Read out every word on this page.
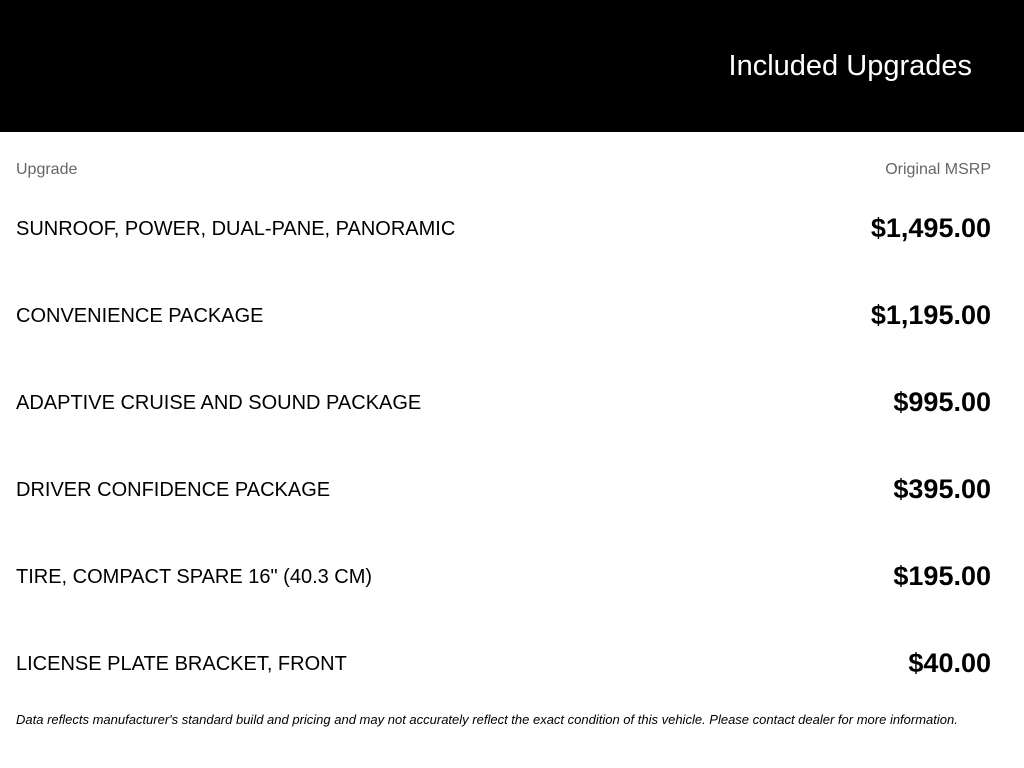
Included Upgrades
Upgrade	Original MSRP
SUNROOF, POWER, DUAL-PANE, PANORAMIC	$1,495.00
CONVENIENCE PACKAGE	$1,195.00
ADAPTIVE CRUISE AND SOUND PACKAGE	$995.00
DRIVER CONFIDENCE PACKAGE	$395.00
TIRE, COMPACT SPARE 16" (40.3 CM)	$195.00
LICENSE PLATE BRACKET, FRONT	$40.00
Data reflects manufacturer's standard build and pricing and may not accurately reflect the exact condition of this vehicle. Please contact dealer for more information.
